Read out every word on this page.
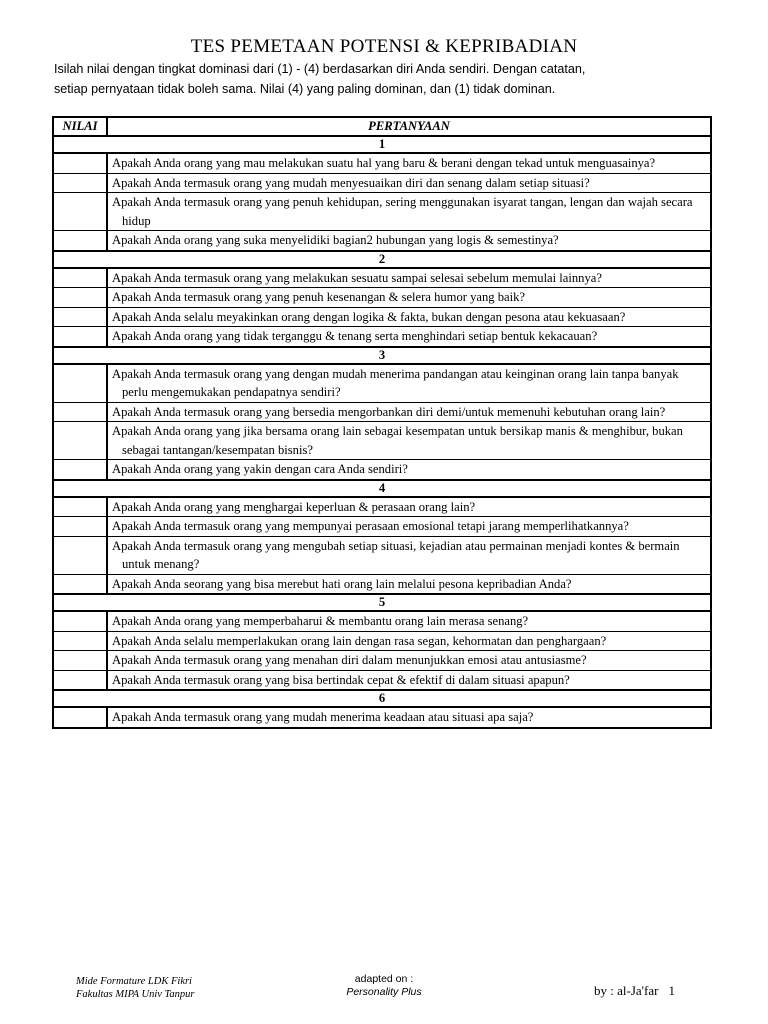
TES PEMETAAN POTENSI & KEPRIBADIAN
Isilah nilai dengan tingkat dominasi dari (1) - (4) berdasarkan diri Anda sendiri. Dengan catatan,
setiap pernyataan tidak boleh sama. Nilai (4) yang paling dominan, dan (1) tidak dominan.
NILAI	PERTANYAAN
1	

	Apakah Anda orang yang mau melakukan suatu hal yang baru & berani dengan tekad untuk menguasainya?

	Apakah Anda termasuk orang yang mudah menyesuaikan diri dan senang dalam setiap situasi?

	Apakah Anda termasuk orang yang penuh kehidupan, sering menggunakan isyarat tangan, lengan dan wajah secara hidup

	Apakah Anda orang yang suka menyelidiki bagian2 hubungan yang logis & semestinya?

2	

	Apakah Anda termasuk orang yang melakukan sesuatu sampai selesai sebelum memulai lainnya?

	Apakah Anda termasuk orang yang penuh kesenangan & selera humor yang baik?

	Apakah Anda selalu meyakinkan orang dengan logika & fakta, bukan dengan pesona atau kekuasaan?

	Apakah Anda orang yang tidak terganggu & tenang serta menghindari setiap bentuk kekacauan?

3	

	Apakah Anda termasuk orang yang dengan mudah menerima pandangan atau keinginan orang lain tanpa banyak perlu mengemukakan pendapatnya sendiri?

	Apakah Anda termasuk orang yang bersedia mengorbankan diri demi/untuk memenuhi kebutuhan orang lain?

	Apakah Anda orang yang jika bersama orang lain sebagai kesempatan untuk bersikap manis & menghibur, bukan sebagai tantangan/kesempatan bisnis?

	Apakah Anda orang yang yakin dengan cara Anda sendiri?

4	

	Apakah Anda orang yang menghargai keperluan & perasaan orang lain?

	Apakah Anda termasuk orang yang mempunyai perasaan emosional tetapi jarang memperlihatkannya?

	Apakah Anda termasuk orang yang mengubah setiap situasi, kejadian atau permainan menjadi kontes & bermain untuk menang?

	Apakah Anda seorang yang bisa merebut hati orang lain melalui pesona kepribadian Anda?

5	

	Apakah Anda orang yang memperbaharui & membantu orang lain merasa senang?

	Apakah Anda selalu memperlakukan orang lain dengan rasa segan, kehormatan dan penghargaan?

	Apakah Anda termasuk orang yang menahan diri dalam menunjukkan emosi atau antusiasme?

	Apakah Anda termasuk orang yang bisa bertindak cepat & efektif di dalam situasi apapun?

6	

	Apakah Anda termasuk orang yang mudah menerima keadaan atau situasi apa saja?
Mide Formature LDK Fikri
Fakultas MIPA Univ Tanpur
adapted on :
Personality Plus	by : al-Ja'far 1
